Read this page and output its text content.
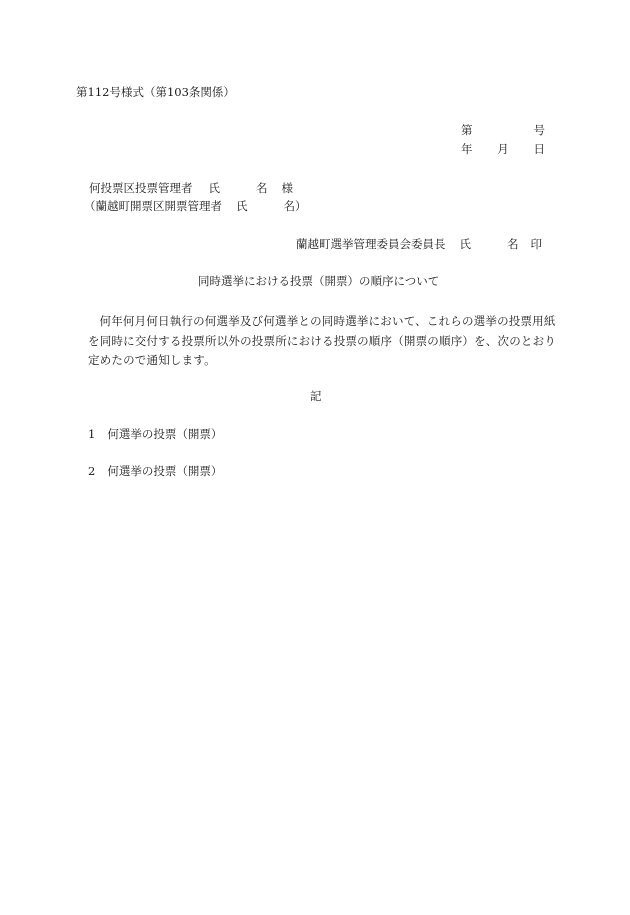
第112号様式（第103条関係）
第	号
年 月 日
何投票区投票管理者 氏	名 様
（蘭越町開票区開票管理者 氏	名）
蘭越町選挙管理委員会委員長 氏	名 印
同時選挙における投票（開票）の順序について
何年何月何日執行の何選挙及び何選挙との同時選挙において、これらの選挙の投票用紙を同時に交付する投票所以外の投票所における投票の順序（開票の順序）を、次のとおり定めたので通知します。
記
1 何選挙の投票（開票）
2 何選挙の投票（開票）
